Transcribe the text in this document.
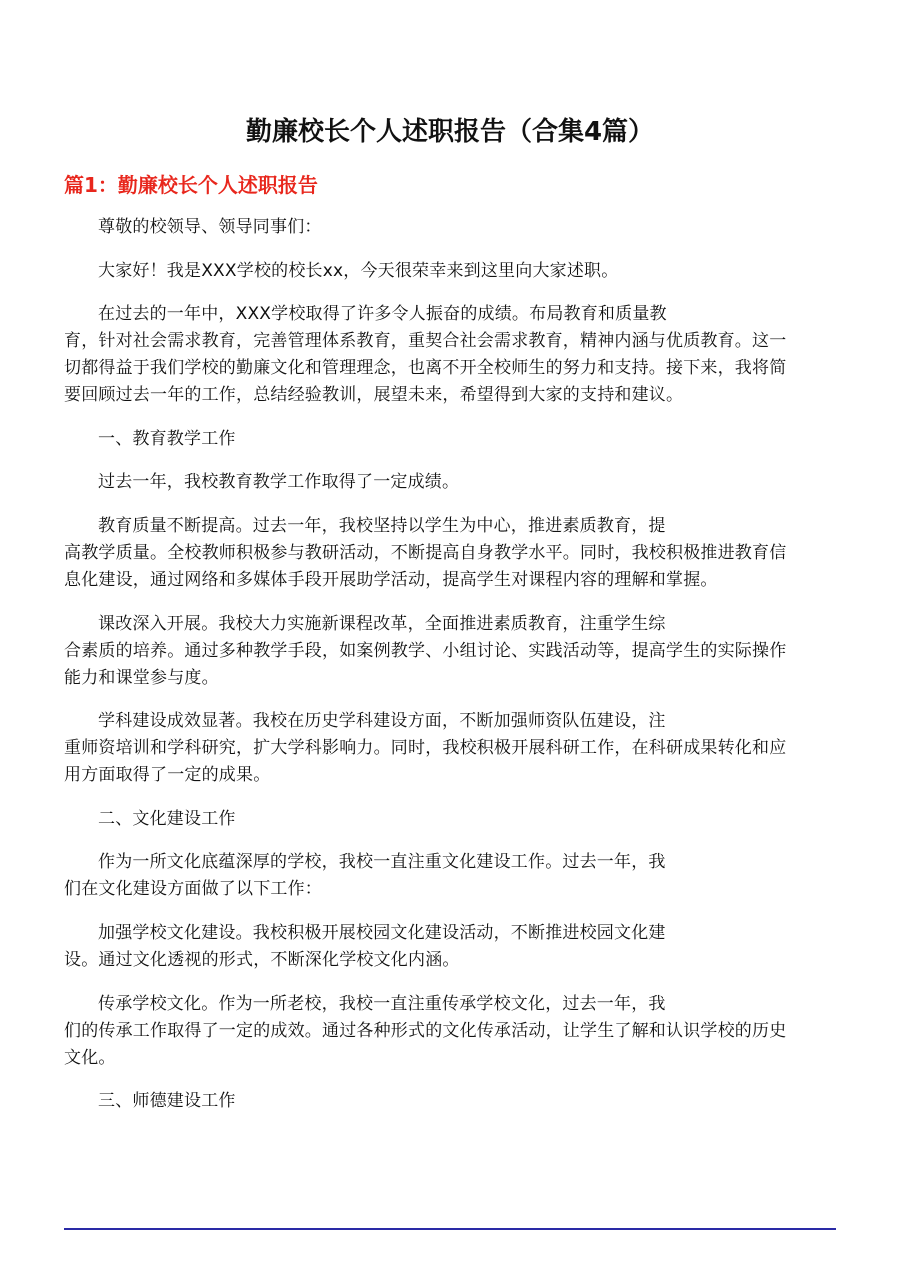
勤廉校长个人述职报告（合集4篇）
篇1：勤廉校长个人述职报告

尊敬的校领导、领导同事们：

大家好！我是XXX学校的校长xx，今天很荣幸来到这里向大家述职。

在过去的一年中，XXX学校取得了许多令人振奋的成绩。布局教育和质量教
育，针对社会需求教育，完善管理体系教育，重契合社会需求教育，精神内涵与优质教育。这一
切都得益于我们学校的勤廉文化和管理理念，也离不开全校师生的努力和支持。接下来，我将简
要回顾过去一年的工作，总结经验教训，展望未来，希望得到大家的支持和建议。

一、教育教学工作

过去一年，我校教育教学工作取得了一定成绩。

教育质量不断提高。过去一年，我校坚持以学生为中心，推进素质教育，提
高教学质量。全校教师积极参与教研活动，不断提高自身教学水平。同时，我校积极推进教育信
息化建设，通过网络和多媒体手段开展助学活动，提高学生对课程内容的理解和掌握。

课改深入开展。我校大力实施新课程改革，全面推进素质教育，注重学生综
合素质的培养。通过多种教学手段，如案例教学、小组讨论、实践活动等，提高学生的实际操作
能力和课堂参与度。

学科建设成效显著。我校在历史学科建设方面，不断加强师资队伍建设，注
重师资培训和学科研究，扩大学科影响力。同时，我校积极开展科研工作，在科研成果转化和应
用方面取得了一定的成果。

二、文化建设工作

作为一所文化底蕴深厚的学校，我校一直注重文化建设工作。过去一年，我
们在文化建设方面做了以下工作：

加强学校文化建设。我校积极开展校园文化建设活动，不断推进校园文化建
设。通过文化透视的形式，不断深化学校文化内涵。

传承学校文化。作为一所老校，我校一直注重传承学校文化，过去一年，我
们的传承工作取得了一定的成效。通过各种形式的文化传承活动，让学生了解和认识学校的历史
文化。

三、师德建设工作
